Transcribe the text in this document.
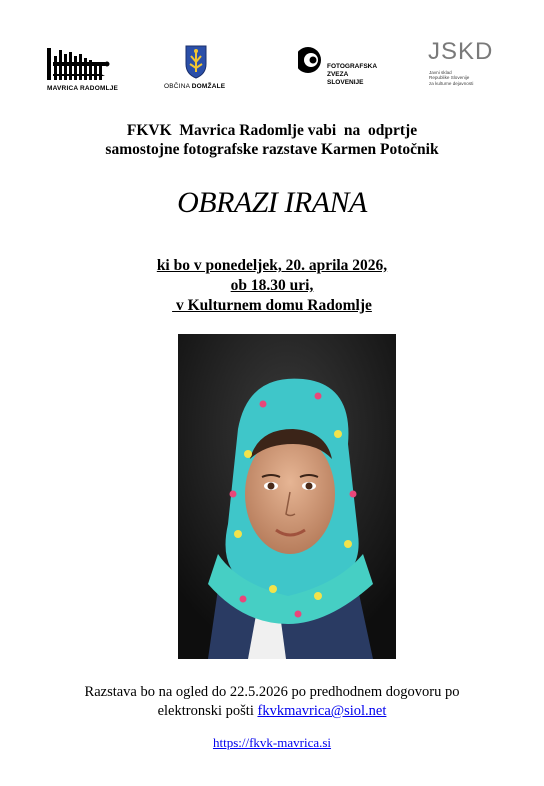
MAVRICA RADOMLJE	OBČINA DOMŽALE
FOTOGRAFSKA
ZVEZA
SLOVENIJE
JSKD
Javni sklad
Republike Slovenije
za kulturne dejavnosti
FKVK  Mavrica Radomlje vabi  na  odprtje
samostojne fotografske razstave Karmen Potočnik
OBRAZI IRANA
ki bo v ponedeljek, 20. aprila 2026,
ob 18.30 uri,
v Kulturnem domu Radomlje
Razstava bo na ogled do 22.5.2026 po predhodnem dogovoru po
elektronski pošti fkvkmavrica@siol.net
https://fkvk-mavrica.si
